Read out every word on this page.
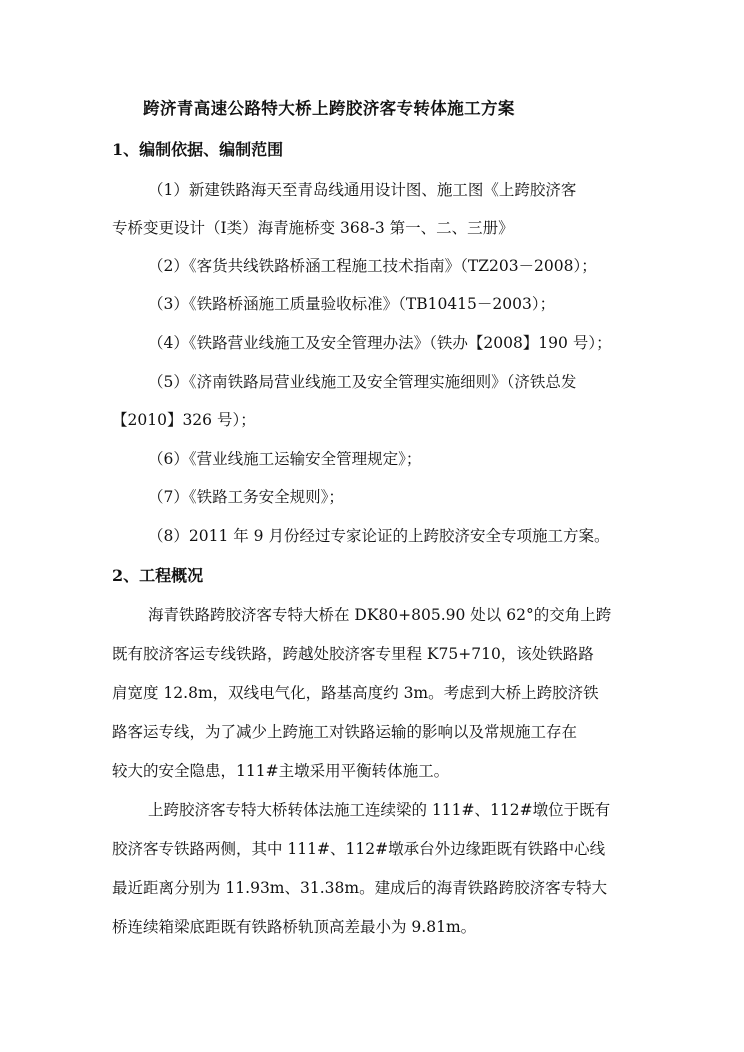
跨济青高速公路特大桥上跨胶济客专转体施工方案
1、编制依据、编制范围
（1）新建铁路海天至青岛线通用设计图、施工图《上跨胶济客
专桥变更设计（Ⅰ类）海青施桥变 368-3 第一、二、三册》
（2）《客货共线铁路桥涵工程施工技术指南》（TZ203－2008）；
（3）《铁路桥涵施工质量验收标准》（TB10415－2003）；
（4）《铁路营业线施工及安全管理办法》（铁办【2008】190 号）；
（5）《济南铁路局营业线施工及安全管理实施细则》（济铁总发
【2010】326 号）；
（6）《营业线施工运输安全管理规定》；
（7）《铁路工务安全规则》；
（8）2011 年 9 月份经过专家论证的上跨胶济安全专项施工方案。
2、工程概况
海青铁路跨胶济客专特大桥在 DK80+805.90 处以 62°的交角上跨
既有胶济客运专线铁路，跨越处胶济客专里程 K75+710，该处铁路路
肩宽度 12.8m，双线电气化，路基高度约 3m。考虑到大桥上跨胶济铁
路客运专线，为了减少上跨施工对铁路运输的影响以及常规施工存在
较大的安全隐患，111#主墩采用平衡转体施工。
上跨胶济客专特大桥转体法施工连续梁的 111#、112#墩位于既有
胶济客专铁路两侧，其中 111#、112#墩承台外边缘距既有铁路中心线
最近距离分别为 11.93m、31.38m。建成后的海青铁路跨胶济客专特大
桥连续箱梁底距既有铁路桥轨顶高差最小为 9.81m。
